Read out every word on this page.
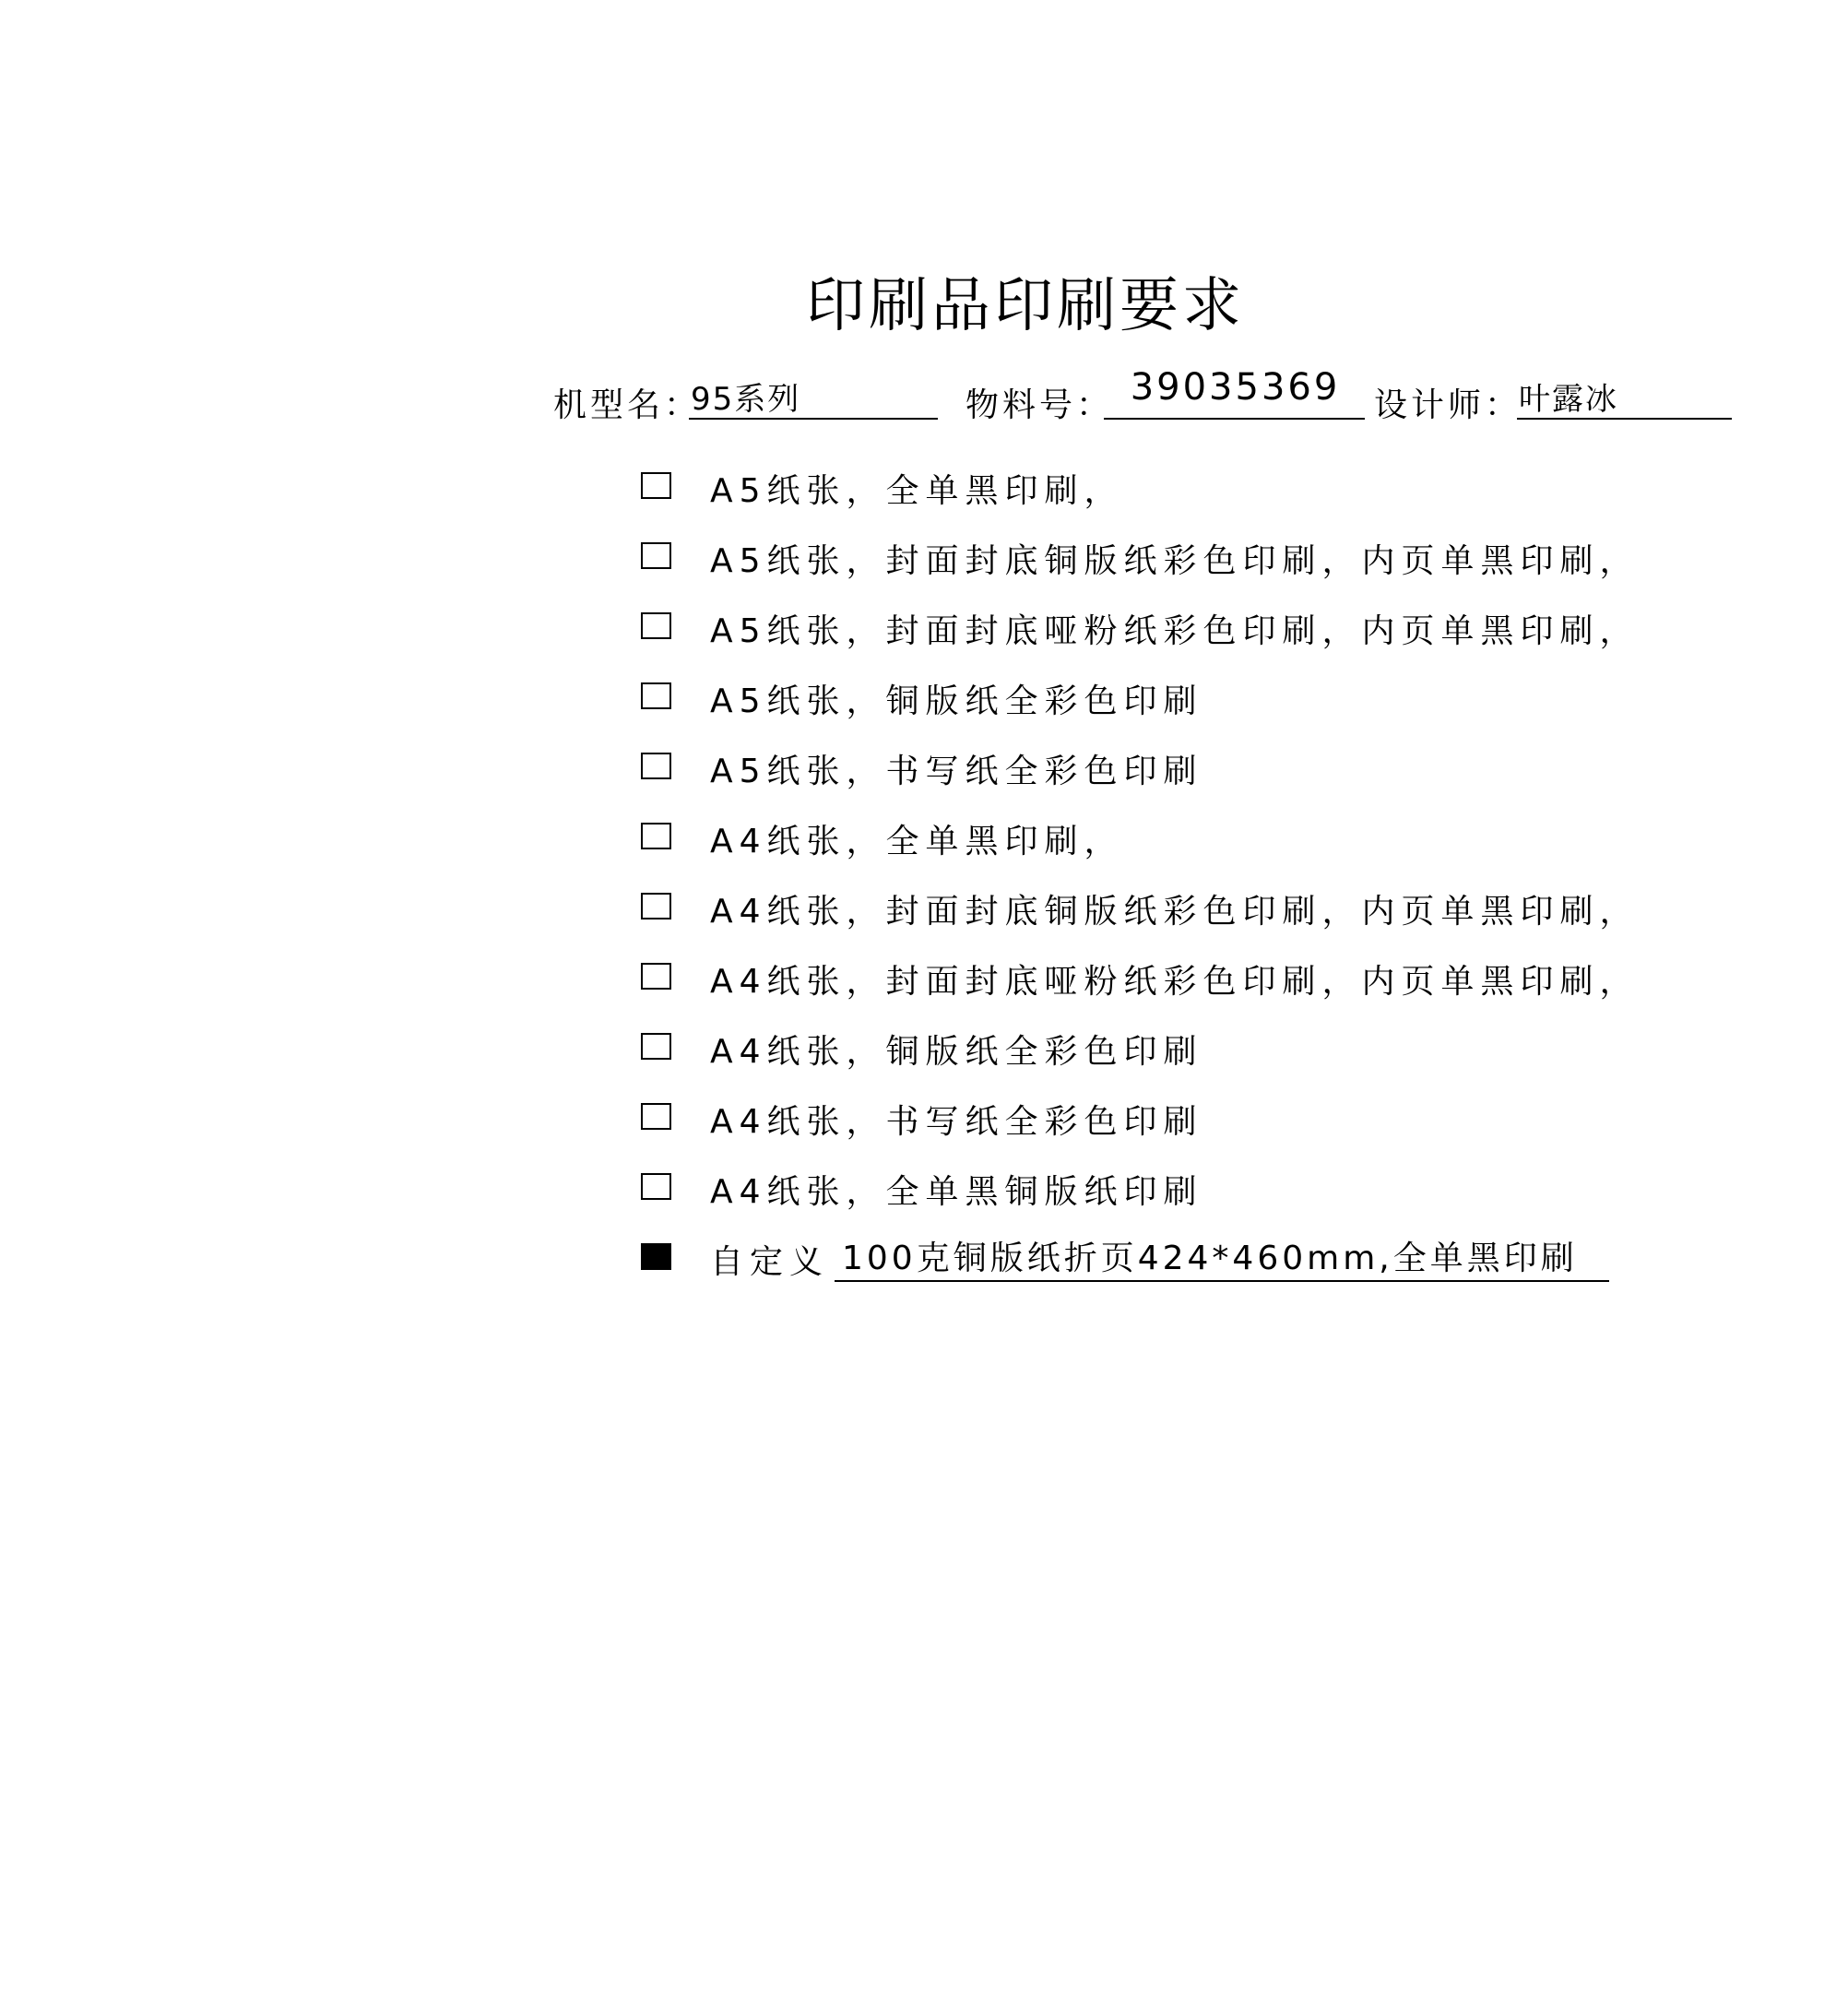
印刷品印刷要求
机型名：
95系列	物料号： 39035369	设计师：
叶露冰
A5纸张，全单黑印刷，
A5纸张，封面封底铜版纸彩色印刷，内页单黑印刷，
A5纸张，封面封底哑粉纸彩色印刷，内页单黑印刷，
A5纸张，铜版纸全彩色印刷
A5纸张，书写纸全彩色印刷
A4纸张，全单黑印刷，
A4纸张，封面封底铜版纸彩色印刷，内页单黑印刷，
A4纸张，封面封底哑粉纸彩色印刷，内页单黑印刷，
A4纸张，铜版纸全彩色印刷
A4纸张，书写纸全彩色印刷
A4纸张，全单黑铜版纸印刷
自定义 100克铜版纸折页424*460mm,全单黑印刷
